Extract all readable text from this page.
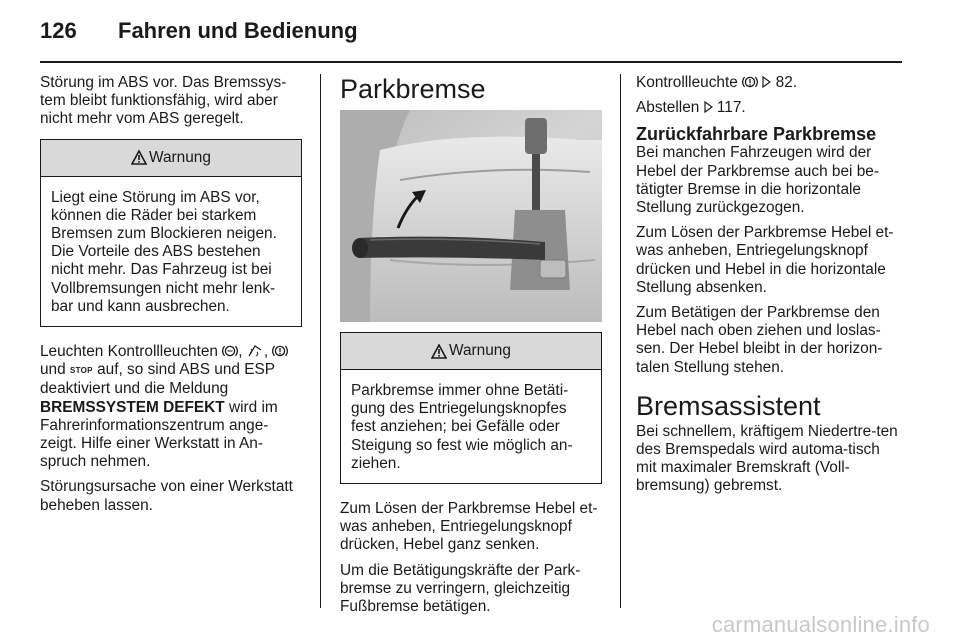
126	Fahren und Bedienung

Störung im ABS vor. Das Bremssys-tem bleibt funktionsfähig, wird aber nicht mehr vom ABS geregelt.

Warnung

Liegt eine Störung im ABS vor, können die Räder bei starkem Bremsen zum Blockieren neigen. Die Vorteile des ABS bestehen nicht mehr. Das Fahrzeug ist bei Vollbremsungen nicht mehr lenk-bar und kann ausbrechen.

Leuchten Kontrollleuchten , ,  und STOP auf, so sind ABS und ESP deaktiviert und die Meldung BREMSSYSTEM DEFEKT wird im Fahrerinformationszentrum ange-zeigt. Hilfe einer Werkstatt in An-spruch nehmen.

Störungsursache von einer Werkstatt beheben lassen.

Parkbremse
Warnung

Parkbremse immer ohne Betäti-gung des Entriegelungsknopfes fest anziehen; bei Gefälle oder Steigung so fest wie möglich an-ziehen.

Zum Lösen der Parkbremse Hebel et-was anheben, Entriegelungsknopf drücken, Hebel ganz senken.

Um die Betätigungskräfte der Park-bremse zu verringern, gleichzeitig Fußbremse betätigen.

Kontrollleuchte 82.

Abstellen 117.

Zurückfahrbare Parkbremse

Bei manchen Fahrzeugen wird der Hebel der Parkbremse auch bei be-tätigter Bremse in die horizontale Stellung zurückgezogen.

Zum Lösen der Parkbremse Hebel et-was anheben, Entriegelungsknopf drücken und Hebel in die horizontale Stellung absenken.

Zum Betätigen der Parkbremse den Hebel nach oben ziehen und loslas-sen. Der Hebel bleibt in der horizon-talen Stellung stehen.

Bremsassistent

Bei schnellem, kräftigem Niedertre-ten des Bremspedals wird automa-tisch mit maximaler Bremskraft (Voll-bremsung) gebremst.

carmanualsonline.info
